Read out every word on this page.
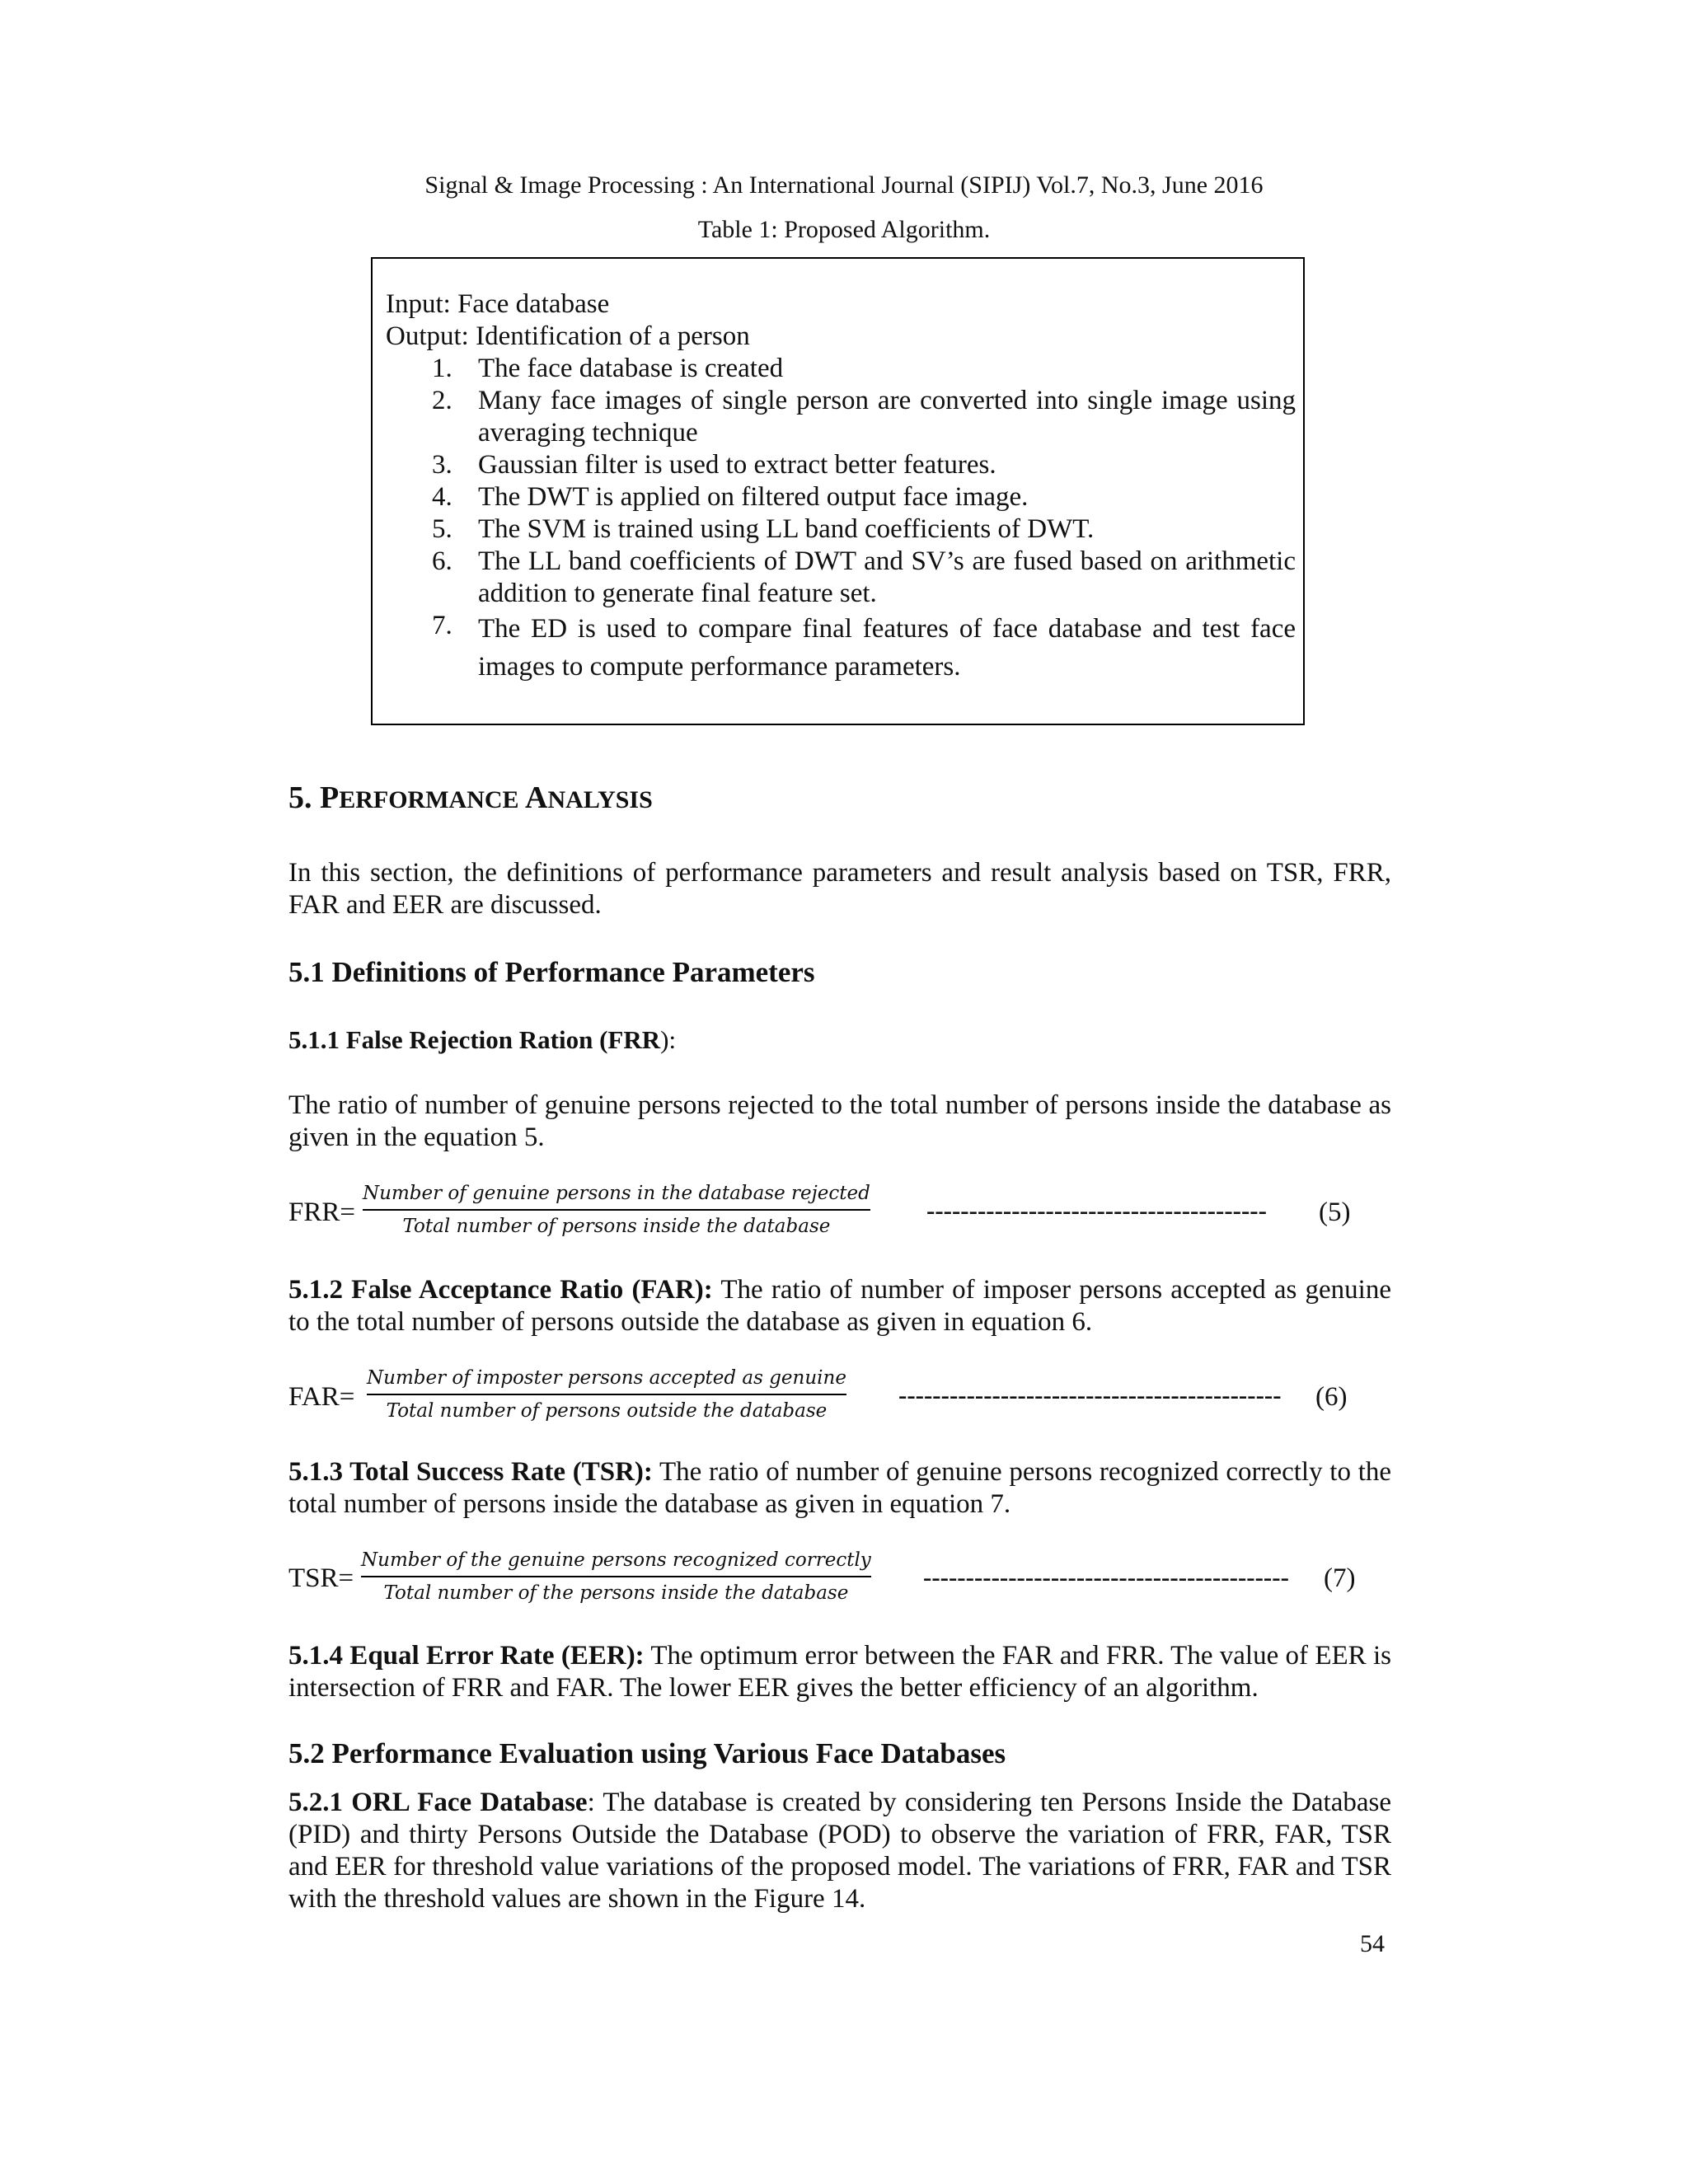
Signal & Image Processing : An International Journal (SIPIJ) Vol.7, No.3, June 2016
Table 1: Proposed Algorithm.
Input: Face database
Output: Identification of a person
1. The face database is created
2. Many face images of single person are converted into single image using averaging technique
3. Gaussian filter is used to extract better features.
4. The DWT is applied on filtered output face image.
5. The SVM is trained using LL band coefficients of DWT.
6. The LL band coefficients of DWT and SV’s are fused based on arithmetic addition to generate final feature set.
7. The ED is used to compare final features of face database and test face images to compute performance parameters.
5. PERFORMANCE ANALYSIS
In this section, the definitions of performance parameters and result analysis based on TSR, FRR, FAR and EER are discussed.
5.1 Definitions of Performance Parameters
5.1.1 False Rejection Ration (FRR):
The ratio of number of genuine persons rejected to the total number of persons inside the database as given in the equation 5.
FRR=
Number of genuine persons in the database rejected
Total number of persons inside the database
---------------------------------------- (5)
5.1.2 False Acceptance Ratio (FAR): The ratio of number of imposer persons accepted as genuine to the total number of persons outside the database as given in equation 6.
FAR=
Number of imposter persons accepted as genuine
Total number of persons outside the database
--------------------------------------------- (6)
5.1.3 Total Success Rate (TSR): The ratio of number of genuine persons recognized correctly to the total number of persons inside the database as given in equation 7.
TSR=
Number of the genuine persons recognized correctly
Total number of the persons inside the database
------------------------------------------- (7)
5.1.4 Equal Error Rate (EER): The optimum error between the FAR and FRR. The value of EER is intersection of FRR and FAR. The lower EER gives the better efficiency of an algorithm.
5.2 Performance Evaluation using Various Face Databases
5.2.1 ORL Face Database: The database is created by considering ten Persons Inside the Database (PID) and thirty Persons Outside the Database (POD) to observe the variation of FRR, FAR, TSR and EER for threshold value variations of the proposed model. The variations of FRR, FAR and TSR with the threshold values are shown in the Figure 14.
54
